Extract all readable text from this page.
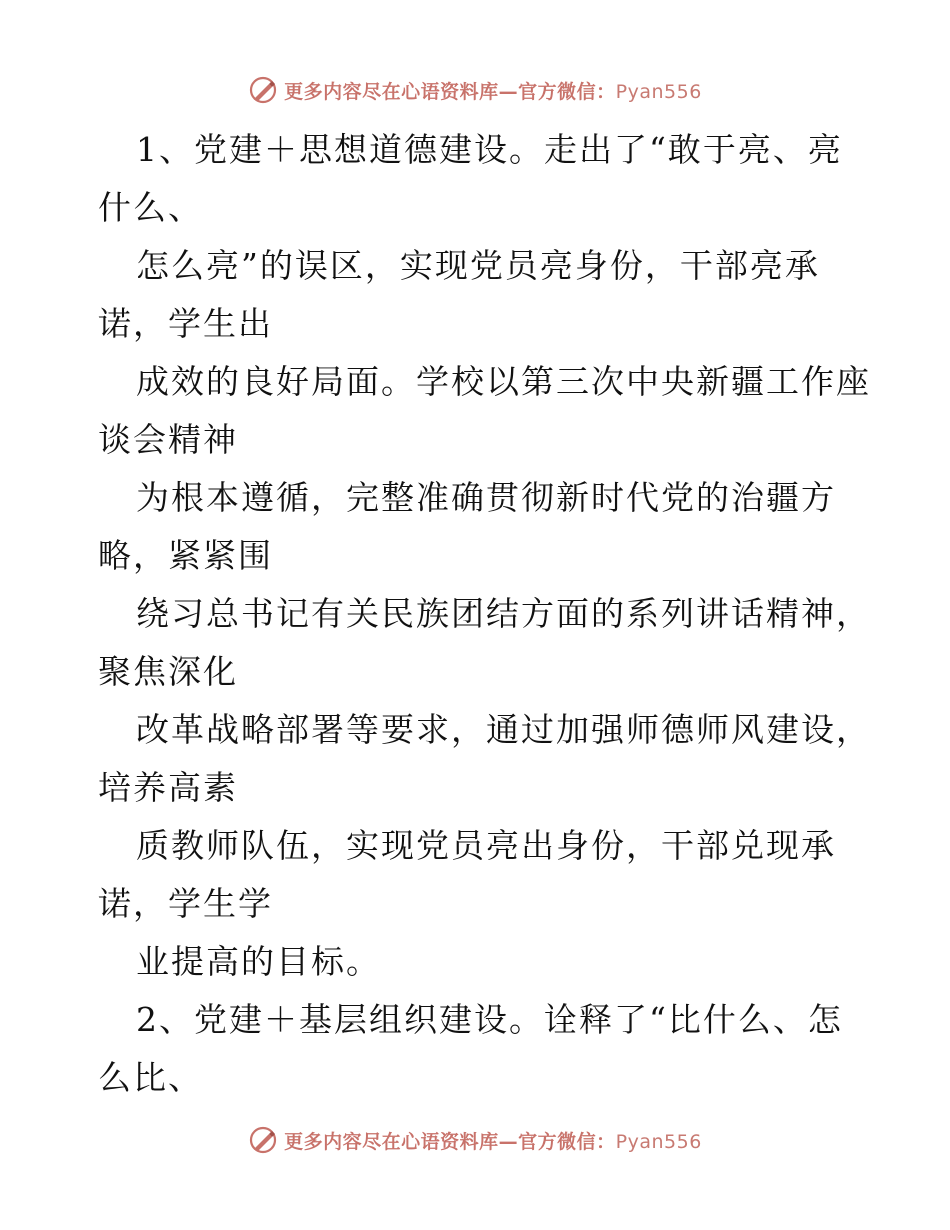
更多内容尽在心语资料库—官方微信：Pyan556
1、党建＋思想道德建设。走出了“敢于亮、亮
什么、
怎么亮”的误区，实现党员亮身份，干部亮承
诺，学生出
成效的良好局面。学校以第三次中央新疆工作座
谈会精神
为根本遵循，完整准确贯彻新时代党的治疆方
略，紧紧围
绕习总书记有关民族团结方面的系列讲话精神，
聚焦深化
改革战略部署等要求，通过加强师德师风建设，
培养高素
质教师队伍，实现党员亮出身份，干部兑现承
诺，学生学
业提高的目标。
2、党建＋基层组织建设。诠释了“比什么、怎
么比、
更多内容尽在心语资料库—官方微信：Pyan556
